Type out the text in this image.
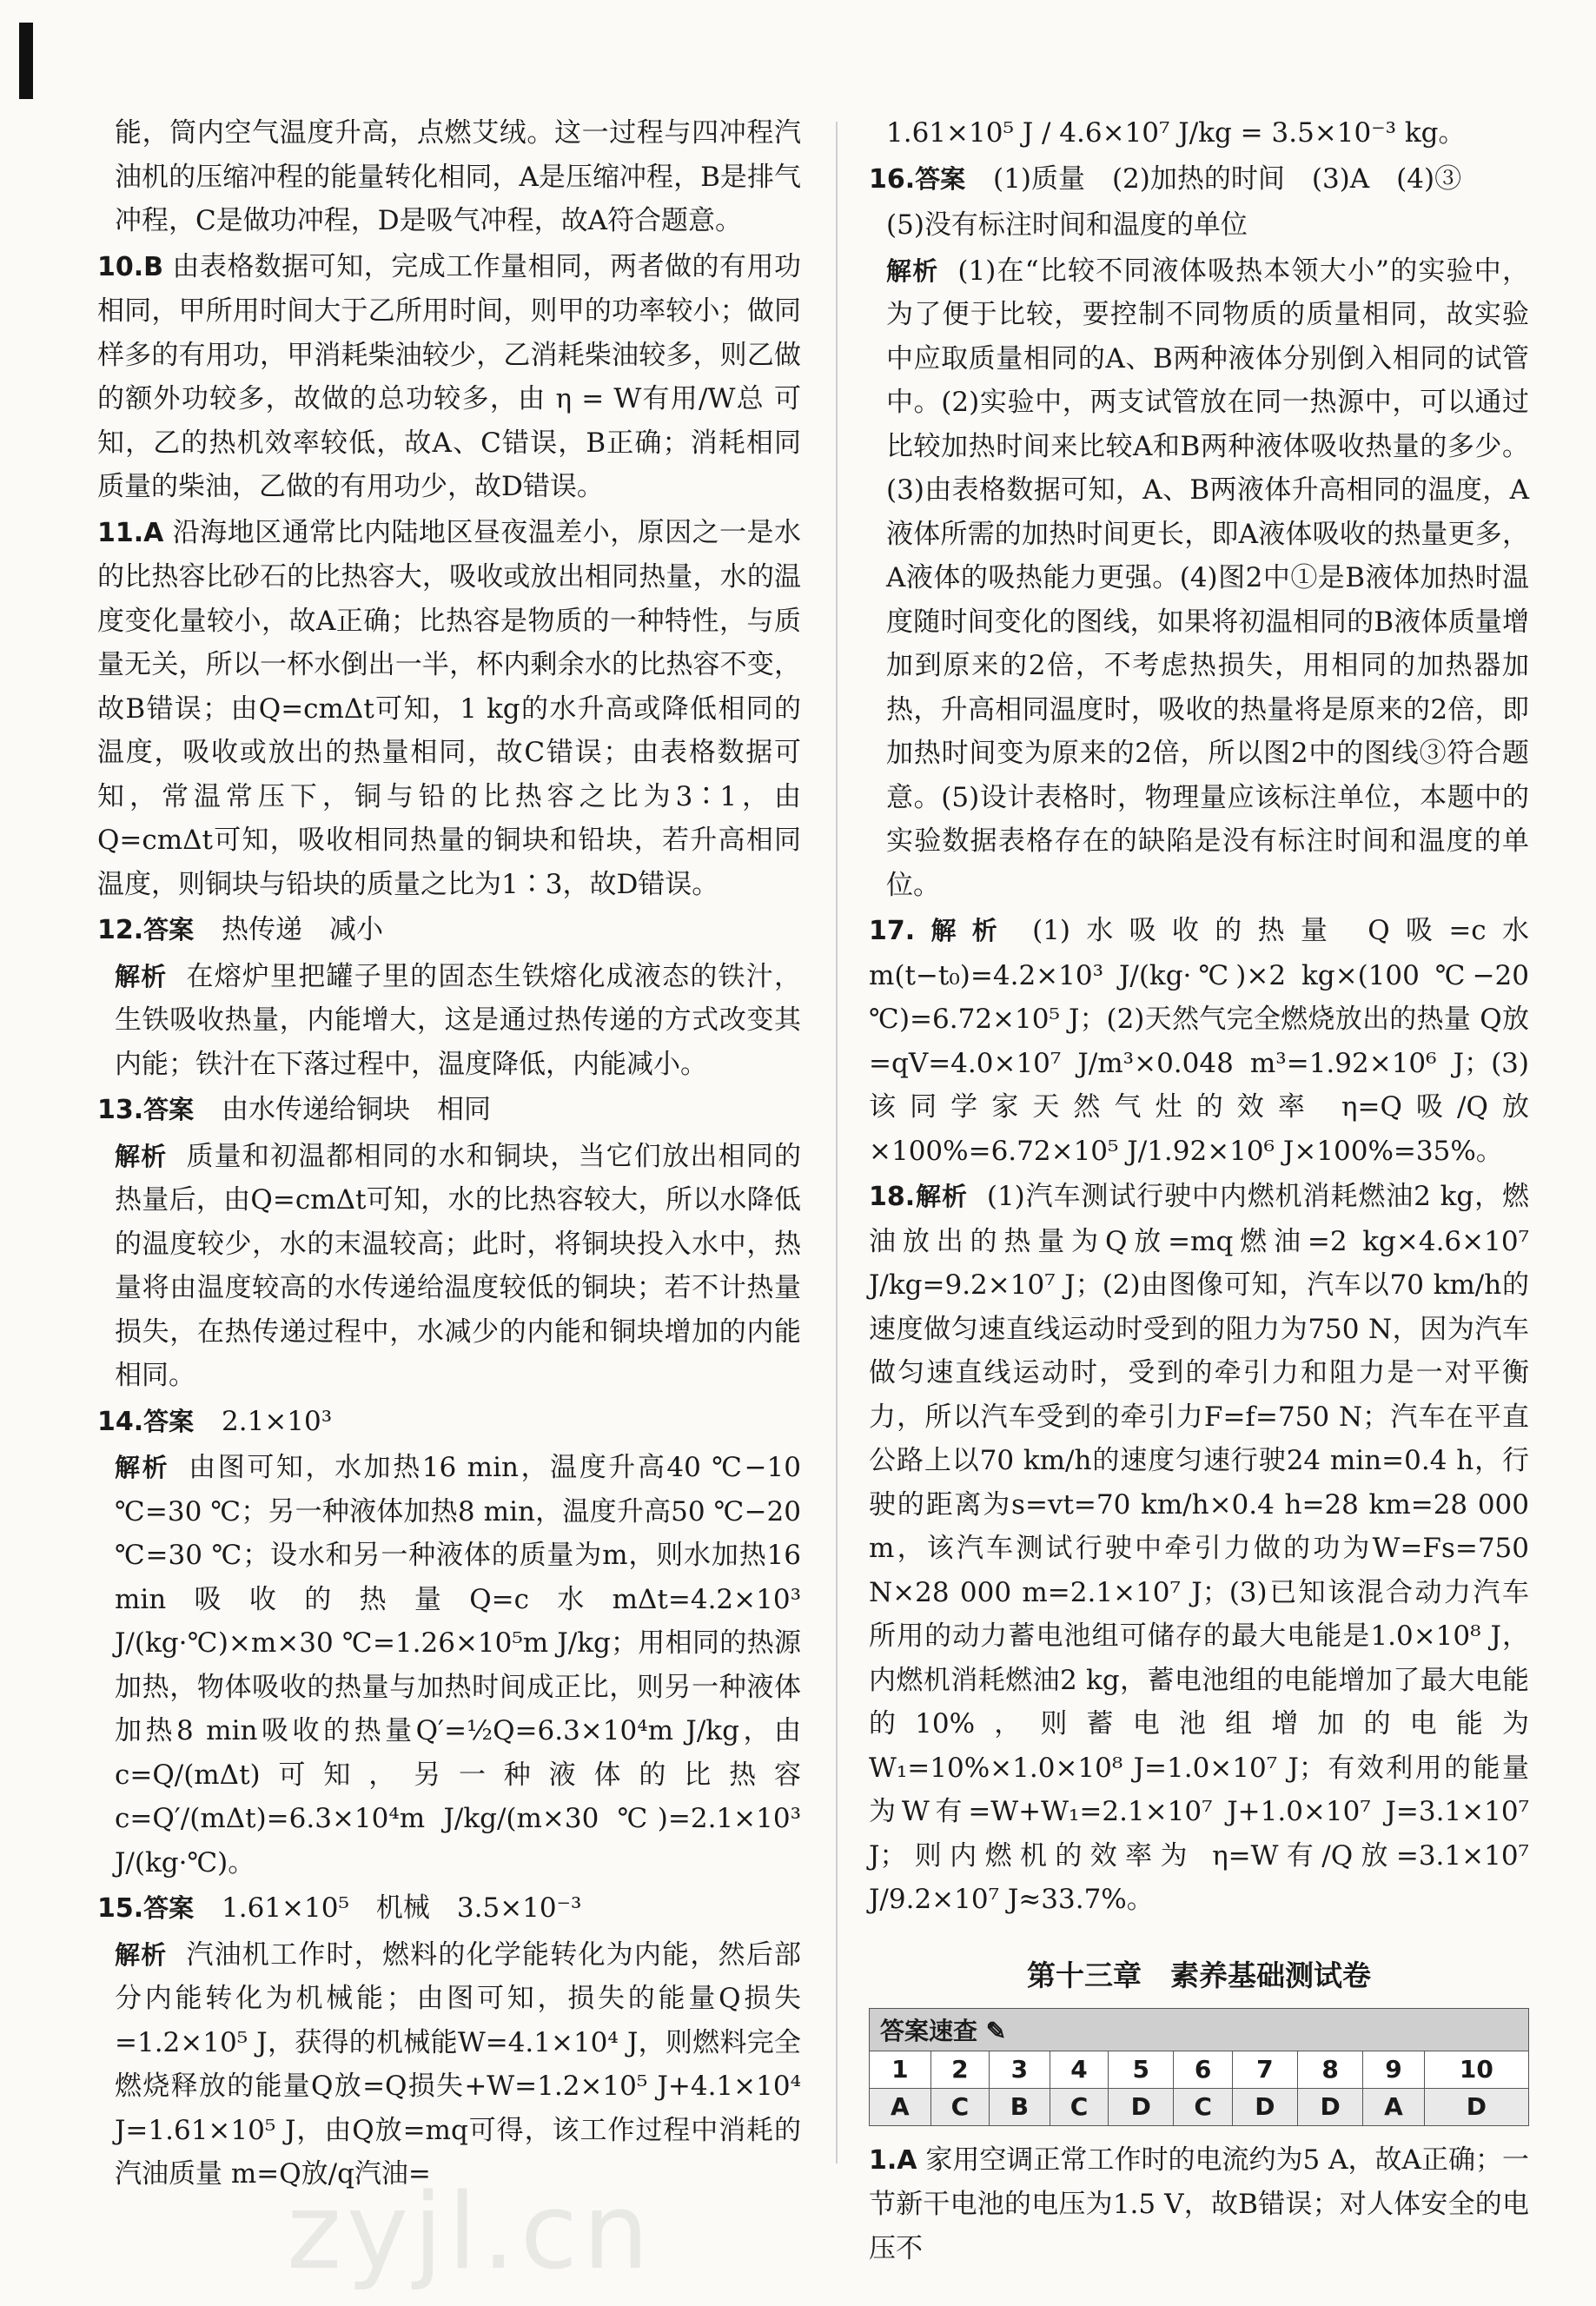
能，筒内空气温度升高，点燃艾绒。这一过程与四冲程汽油机的压缩冲程的能量转化相同，A是压缩冲程，B是排气冲程，C是做功冲程，D是吸气冲程，故A符合题意。

10.B 由表格数据可知，完成工作量相同，两者做的有用功相同，甲所用时间大于乙所用时间，则甲的功率较小；做同样多的有用功，甲消耗柴油较少，乙消耗柴油较多，则乙做的额外功较多，故做的总功较多，由 η = W有用/W总 可知，乙的热机效率较低，故A、C错误，B正确；消耗相同质量的柴油，乙做的有用功少，故D错误。

11.A 沿海地区通常比内陆地区昼夜温差小，原因之一是水的比热容比砂石的比热容大，吸收或放出相同热量，水的温度变化量较小，故A正确；比热容是物质的一种特性，与质量无关，所以一杯水倒出一半，杯内剩余水的比热容不变，故B错误；由Q=cmΔt可知，1 kg的水升高或降低相同的温度，吸收或放出的热量相同，故C错误；由表格数据可知，常温常压下，铜与铅的比热容之比为3∶1，由Q=cmΔt可知，吸收相同热量的铜块和铅块，若升高相同温度，则铜块与铅块的质量之比为1∶3，故D错误。

12.答案 热传递　减小

解析 在熔炉里把罐子里的固态生铁熔化成液态的铁汁，生铁吸收热量，内能增大，这是通过热传递的方式改变其内能；铁汁在下落过程中，温度降低，内能减小。

13.答案 由水传递给铜块　相同

解析 质量和初温都相同的水和铜块，当它们放出相同的热量后，由Q=cmΔt可知，水的比热容较大，所以水降低的温度较少，水的末温较高；此时，将铜块投入水中，热量将由温度较高的水传递给温度较低的铜块；若不计热量损失，在热传递过程中，水减少的内能和铜块增加的内能相同。

14.答案 2.1×10³

解析 由图可知，水加热16 min，温度升高40 ℃−10 ℃=30 ℃；另一种液体加热8 min，温度升高50 ℃−20 ℃=30 ℃；设水和另一种液体的质量为m，则水加热16 min吸收的热量Q=c水mΔt=4.2×10³ J/(kg·℃)×m×30 ℃=1.26×10⁵m J/kg；用相同的热源加热，物体吸收的热量与加热时间成正比，则另一种液体加热8 min吸收的热量Q′=½Q=6.3×10⁴m J/kg，由c=Q/(mΔt)可知，另一种液体的比热容 c=Q′/(mΔt)=6.3×10⁴m J/kg/(m×30 ℃)=2.1×10³ J/(kg·℃)。

15.答案 1.61×10⁵　机械　3.5×10⁻³

解析 汽油机工作时，燃料的化学能转化为内能，然后部分内能转化为机械能；由图可知，损失的能量Q损失=1.2×10⁵ J，获得的机械能W=4.1×10⁴ J，则燃料完全燃烧释放的能量Q放=Q损失+W=1.2×10⁵ J+4.1×10⁴ J=1.61×10⁵ J，由Q放=mq可得，该工作过程中消耗的汽油质量 m=Q放/q汽油=

1.61×10⁵ J / 4.6×10⁷ J/kg = 3.5×10⁻³ kg。

16.答案 (1)质量　(2)加热的时间　(3)A　(4)③

(5)没有标注时间和温度的单位

解析 (1)在“比较不同液体吸热本领大小”的实验中，为了便于比较，要控制不同物质的质量相同，故实验中应取质量相同的A、B两种液体分别倒入相同的试管中。(2)实验中，两支试管放在同一热源中，可以通过比较加热时间来比较A和B两种液体吸收热量的多少。(3)由表格数据可知，A、B两液体升高相同的温度，A液体所需的加热时间更长，即A液体吸收的热量更多，A液体的吸热能力更强。(4)图2中①是B液体加热时温度随时间变化的图线，如果将初温相同的B液体质量增加到原来的2倍，不考虑热损失，用相同的加热器加热，升高相同温度时，吸收的热量将是原来的2倍，即加热时间变为原来的2倍，所以图2中的图线③符合题意。(5)设计表格时，物理量应该标注单位，本题中的实验数据表格存在的缺陷是没有标注时间和温度的单位。

17.解析 (1)水吸收的热量 Q吸=c水m(t−t₀)=4.2×10³ J/(kg·℃)×2 kg×(100 ℃−20 ℃)=6.72×10⁵ J；(2)天然气完全燃烧放出的热量 Q放=qV=4.0×10⁷ J/m³×0.048 m³=1.92×10⁶ J；(3)该同学家天然气灶的效率 η=Q吸/Q放×100%=6.72×10⁵ J/1.92×10⁶ J×100%=35%。

18.解析 (1)汽车测试行驶中内燃机消耗燃油2 kg，燃油放出的热量为Q放=mq燃油=2 kg×4.6×10⁷ J/kg=9.2×10⁷ J；(2)由图像可知，汽车以70 km/h的速度做匀速直线运动时受到的阻力为750 N，因为汽车做匀速直线运动时，受到的牵引力和阻力是一对平衡力，所以汽车受到的牵引力F=f=750 N；汽车在平直公路上以70 km/h的速度匀速行驶24 min=0.4 h，行驶的距离为s=vt=70 km/h×0.4 h=28 km=28 000 m，该汽车测试行驶中牵引力做的功为W=Fs=750 N×28 000 m=2.1×10⁷ J；(3)已知该混合动力汽车所用的动力蓄电池组可储存的最大电能是1.0×10⁸ J，内燃机消耗燃油2 kg，蓄电池组的电能增加了最大电能的10%，则蓄电池组增加的电能为W₁=10%×1.0×10⁸ J=1.0×10⁷ J；有效利用的能量为W有=W+W₁=2.1×10⁷ J+1.0×10⁷ J=3.1×10⁷ J；则内燃机的效率为 η=W有/Q放=3.1×10⁷ J/9.2×10⁷ J≈33.7%。

第十三章　素养基础测试卷
答案速查 ✎
1	2	3	4	5	6	7	8	9	10
A	C	B	C	D	C	D	D	A	D

1.A 家用空调正常工作时的电流约为5 A，故A正确；一节新干电池的电压为1.5 V，故B错误；对人体安全的电压不

zyjl.cn
